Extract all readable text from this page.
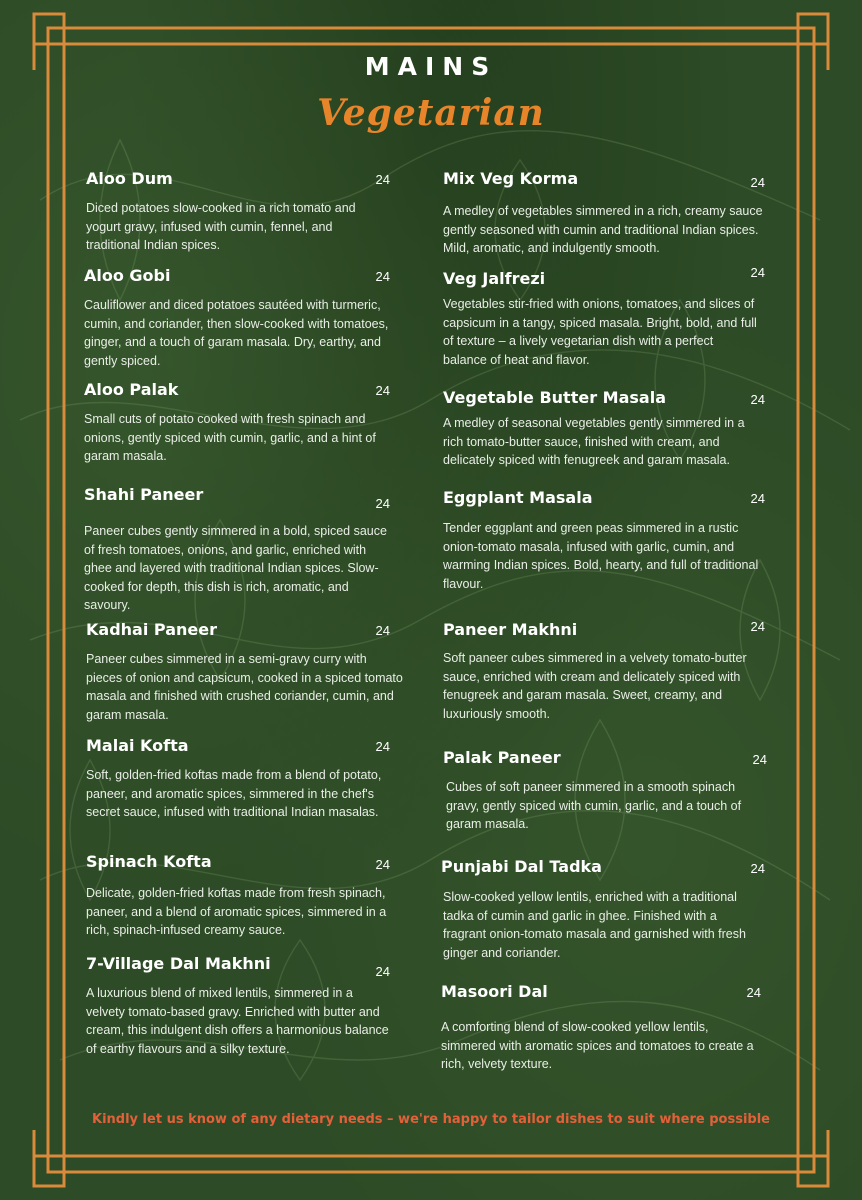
MAINS
Vegetarian
Aloo Dum	24
Diced potatoes slow-cooked in a rich tomato and yogurt gravy, infused with cumin, fennel, and traditional Indian spices.
Aloo Gobi	24
Cauliflower and diced potatoes sautéed with turmeric, cumin, and coriander, then slow-cooked with tomatoes, ginger, and a touch of garam masala. Dry, earthy, and gently spiced.
Aloo Palak	24
Small cuts of potato cooked with fresh spinach and onions, gently spiced with cumin, garlic, and a hint of garam masala.
Shahi Paneer	24
Paneer cubes gently simmered in a bold, spiced sauce of fresh tomatoes, onions, and garlic, enriched with ghee and layered with traditional Indian spices. Slow-cooked for depth, this dish is rich, aromatic, and savoury.
Kadhai Paneer	24
Paneer cubes simmered in a semi-gravy curry with pieces of onion and capsicum, cooked in a spiced tomato masala and finished with crushed coriander, cumin, and garam masala.
Malai Kofta	24
Soft, golden-fried koftas made from a blend of potato, paneer, and aromatic spices, simmered in the chef's secret sauce, infused with traditional Indian masalas.
Spinach Kofta	24
Delicate, golden-fried koftas made from fresh spinach, paneer, and a blend of aromatic spices, simmered in a rich, spinach-infused creamy sauce.
7-Village Dal Makhni	24
A luxurious blend of mixed lentils, simmered in a velvety tomato-based gravy. Enriched with butter and cream, this indulgent dish offers a harmonious balance of earthy flavours and a silky texture.
Mix Veg Korma	24
A medley of vegetables simmered in a rich, creamy sauce gently seasoned with cumin and traditional Indian spices. Mild, aromatic, and indulgently smooth.
Veg Jalfrezi	24
Vegetables stir-fried with onions, tomatoes, and slices of capsicum in a tangy, spiced masala. Bright, bold, and full of texture – a lively vegetarian dish with a perfect balance of heat and flavor.
Vegetable Butter Masala	24
A medley of seasonal vegetables gently simmered in a rich tomato-butter sauce, finished with cream, and delicately spiced with fenugreek and garam masala.
Eggplant Masala	24
Tender eggplant and green peas simmered in a rustic onion-tomato masala, infused with garlic, cumin, and warming Indian spices. Bold, hearty, and full of traditional flavour.
Paneer Makhni	24
Soft paneer cubes simmered in a velvety tomato-butter sauce, enriched with cream and delicately spiced with fenugreek and garam masala. Sweet, creamy, and luxuriously smooth.
Palak Paneer	24
Cubes of soft paneer simmered in a smooth spinach gravy, gently spiced with cumin, garlic, and a touch of garam masala.
Punjabi Dal Tadka	24
Slow-cooked yellow lentils, enriched with a traditional tadka of cumin and garlic in ghee. Finished with a fragrant onion-tomato masala and garnished with fresh ginger and coriander.
Masoori Dal	24
A comforting blend of slow-cooked yellow lentils, simmered with aromatic spices and tomatoes to create a rich, velvety texture.
Kindly let us know of any dietary needs – we're happy to tailor dishes to suit where possible
